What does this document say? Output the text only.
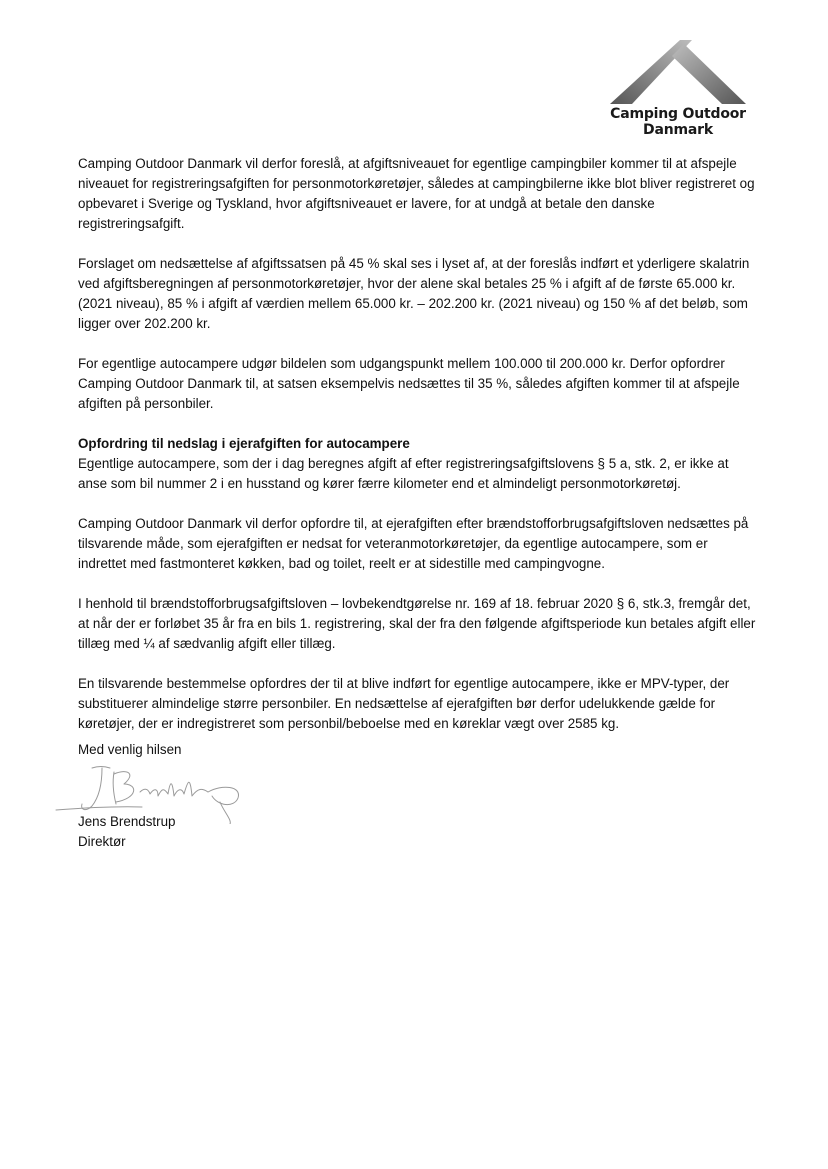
Camping Outdoor
Danmark

Camping Outdoor Danmark vil derfor foreslå, at afgiftsniveauet for egentlige campingbiler kommer til at afspejle niveauet for registreringsafgiften for personmotorkøretøjer, således at campingbilerne ikke blot bliver registreret og opbevaret i Sverige og Tyskland, hvor afgiftsniveauet er lavere, for at undgå at betale den danske registreringsafgift.

Forslaget om nedsættelse af afgiftssatsen på 45 % skal ses i lyset af, at der foreslås indført et yderligere skalatrin ved afgiftsberegningen af personmotorkøretøjer, hvor der alene skal betales 25 % i afgift af de første 65.000 kr. (2021 niveau), 85 % i afgift af værdien mellem 65.000 kr. – 202.200 kr. (2021 niveau) og 150 % af det beløb, som ligger over 202.200 kr.

For egentlige autocampere udgør bildelen som udgangspunkt mellem 100.000 til 200.000 kr. Derfor opfordrer Camping Outdoor Danmark til, at satsen eksempelvis nedsættes til 35 %, således afgiften kommer til at afspejle afgiften på personbiler.

Opfordring til nedslag i ejerafgiften for autocampere

Egentlige autocampere, som der i dag beregnes afgift af efter registreringsafgiftslovens § 5 a, stk. 2, er ikke at anse som bil nummer 2 i en husstand og kører færre kilometer end et almindeligt personmotorkøretøj.

Camping Outdoor Danmark vil derfor opfordre til, at ejerafgiften efter brændstofforbrugsafgiftsloven nedsættes på tilsvarende måde, som ejerafgiften er nedsat for veteranmotorkøretøjer, da egentlige autocampere, som er indrettet med fastmonteret køkken, bad og toilet, reelt er at sidestille med campingvogne.

I henhold til brændstofforbrugsafgiftsloven – lovbekendtgørelse nr. 169 af 18. februar 2020 § 6, stk.3, fremgår det, at når der er forløbet 35 år fra en bils 1. registrering, skal der fra den følgende afgiftsperiode kun betales afgift eller tillæg med ¼ af sædvanlig afgift eller tillæg.

En tilsvarende bestemmelse opfordres der til at blive indført for egentlige autocampere, ikke er MPV-typer, der substituerer almindelige større personbiler. En nedsættelse af ejerafgiften bør derfor udelukkende gælde for køretøjer, der er indregistreret som personbil/beboelse med en køreklar vægt over 2585 kg.

Med venlig hilsen
Jens Brendstrup
Direktør
